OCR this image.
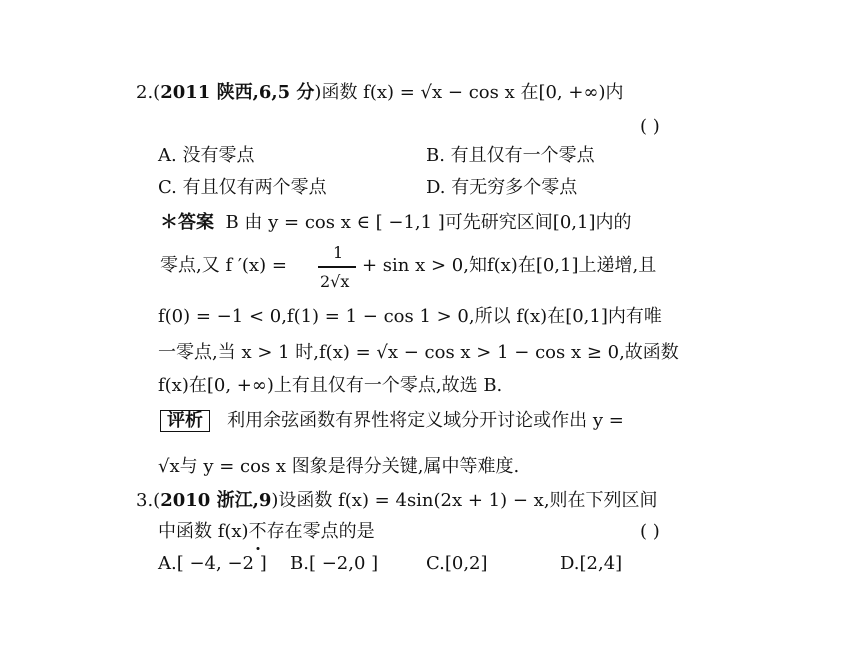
2.(2011 陕西,6,5 分)函数 f(x) = √x − cos x 在[0, +∞)内
( )
A. 没有零点	B. 有且仅有一个零点
C. 有且仅有两个零点	D. 有无穷多个零点
＊答案 B 由 y = cos x ∈ [ −1,1 ]可先研究区间[0,1]内的
零点,又 f ′(x) =
1
2√x
+ sin x > 0,知f(x)在[0,1]上递增,且
f(0) = −1 < 0,f(1) = 1 − cos 1 > 0,所以 f(x)在[0,1]内有唯
一零点,当 x > 1 时,f(x) = √x − cos x > 1 − cos x ≥ 0,故函数
f(x)在[0, +∞)上有且仅有一个零点,故选 B.
评析 利用余弦函数有界性将定义域分开讨论或作出 y =
√x与 y = cos x 图象是得分关键,属中等难度.
3.(2010 浙江,9)设函数 f(x) = 4sin(2x + 1) − x,则在下列区间
中函数 f(x)不
存在零点的是	( )
A.[ −4, −2 ] B.[ −2,0 ]	C.[0,2]	D.[2,4]
